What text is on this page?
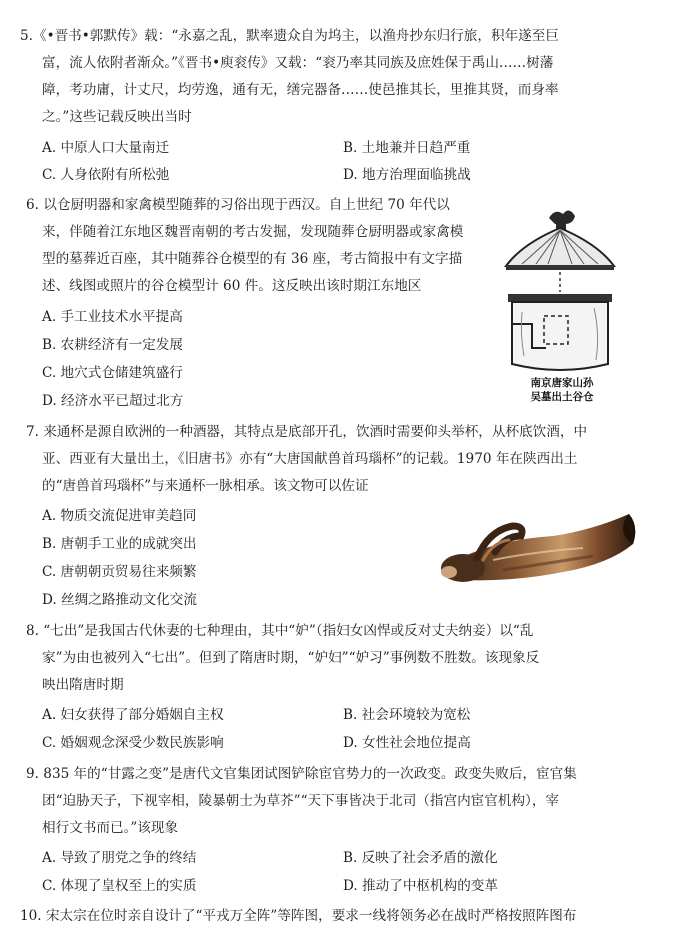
5.《•晋书•郭默传》载：“永嘉之乱，默率遗众自为坞主，以渔舟抄东归行旅，积年遂至巨
富，流人依附者渐众。”《晋书•庾衮传》又载：“衮乃率其同族及庶姓保于禹山……树藩
障，考功庸，计丈尺，均劳逸，通有无，缮完器备……使邑推其长，里推其贤，而身率
之。”这些记载反映出当时
A. 中原人口大量南迁	B. 土地兼并日趋严重
C. 人身依附有所松弛	D. 地方治理面临挑战
6. 以仓厨明器和家禽模型随葬的习俗出现于西汉。自上世纪 70 年代以
来，伴随着江东地区魏晋南朝的考古发掘，发现随葬仓厨明器或家禽模
型的墓葬近百座，其中随葬谷仓模型的有 36 座，考古简报中有文字描
述、线图或照片的谷仓模型计 60 件。这反映出该时期江东地区
A. 手工业技术水平提高
B. 农耕经济有一定发展
C. 地穴式仓储建筑盛行
D. 经济水平已超过北方
南京唐家山孙
吴墓出土谷仓
7. 来通杯是源自欧洲的一种酒器，其特点是底部开孔，饮酒时需要仰头举杯，从杯底饮酒，中
亚、西亚有大量出土，《旧唐书》亦有“大唐国献兽首玛瑙杯”的记载。1970 年在陕西出土
的“唐兽首玛瑙杯”与来通杯一脉相承。该文物可以佐证
A. 物质交流促进审美趋同
B. 唐朝手工业的成就突出
C. 唐朝朝贡贸易往来频繁
D. 丝绸之路推动文化交流
8. “七出”是我国古代休妻的七种理由，其中“妒”（指妇女凶悍或反对丈夫纳妾）以“乱
家”为由也被列入“七出”。但到了隋唐时期，“妒妇”“妒习”事例数不胜数。该现象反
映出隋唐时期
A. 妇女获得了部分婚姻自主权	B. 社会环境较为宽松
C. 婚姻观念深受少数民族影响	D. 女性社会地位提高
9. 835 年的“甘露之变”是唐代文官集团试图铲除宦官势力的一次政变。政变失败后，宦官集
团“迫胁天子，下视宰相，陵暴朝士为草芥”“天下事皆决于北司（指宫内宦官机构），宰
相行文书而已。”该现象
A. 导致了朋党之争的终结	B. 反映了社会矛盾的激化
C. 体现了皇权至上的实质	D. 推动了中枢机构的变革
10. 宋太宗在位时亲自设计了“平戎万全阵”等阵图，要求一线将领务必在战时严格按照阵图布
